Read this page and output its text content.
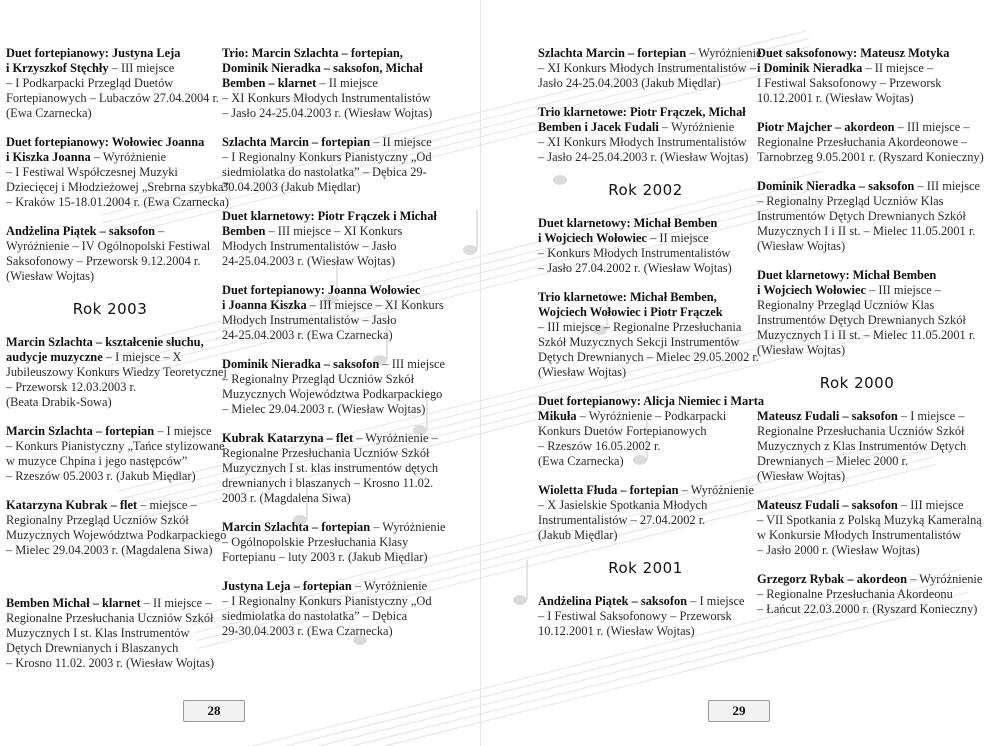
28	29
Duet fortepianowy: Justyna Leja
i Krzyszkof Stęchły – III miejsce
– I Podkarpacki Przegląd Duetów
Fortepianowych – Lubaczów 27.04.2004 r.
(Ewa Czarnecka)
Duet fortepianowy: Wołowiec Joanna
i Kiszka Joanna – Wyróżnienie
– I Festiwal Współczesnej Muzyki
Dziecięcej i Młodzieżowej „Srebrna szybka”
– Kraków 15-18.01.2004 r. (Ewa Czarnecka)
Andżelina Piątek – saksofon –
Wyróżnienie – IV Ogólnopolski Festiwal
Saksofonowy – Przeworsk 9.12.2004 r.
(Wiesław Wojtas)
Rok 2003
Marcin Szlachta – kształcenie słuchu,
audycje muzyczne – I miejsce – X
Jubileuszowy Konkurs Wiedzy Teoretycznej
– Przeworsk 12.03.2003 r.
(Beata Drabik-Sowa)
Marcin Szlachta – fortepian – I miejsce
– Konkurs Pianistyczny „Tańce stylizowane
w muzyce Chpina i jego następców”
– Rzeszów 05.2003 r. (Jakub Międlar)
Katarzyna Kubrak – flet – miejsce –
Regionalny Przegląd Uczniów Szkół
Muzycznych Województwa Podkarpackiego
– Mielec 29.04.2003 r. (Magdalena Siwa)
Bemben Michał – klarnet – II miejsce –
Regionalne Przesłuchania Uczniów Szkół
Muzycznych I st. Klas Instrumentów
Dętych Drewnianych i Blaszanych
– Krosno 11.02. 2003 r. (Wiesław Wojtas)
Trio: Marcin Szlachta – fortepian,
Dominik Nieradka – saksofon, Michał
Bemben – klarnet – II miejsce
– XI Konkurs Młodych Instrumentalistów
– Jasło 24-25.04.2003 r. (Wiesław Wojtas)
Szlachta Marcin – fortepian – II miejsce
– I Regionalny Konkurs Pianistyczny „Od
siedmiolatka do nastolatka” – Dębica 29-
30.04.2003 (Jakub Międlar)
Duet klarnetowy: Piotr Frączek i Michał
Bemben – III miejsce – XI Konkurs
Młodych Instrumentalistów – Jasło
24-25.04.2003 r. (Wiesław Wojtas)
Duet fortepianowy: Joanna Wołowiec
i Joanna Kiszka – III miejsce – XI Konkurs
Młodych Instrumentalistów – Jasło
24-25.04.2003 r. (Ewa Czarnecka)
Dominik Nieradka – saksofon – III miejsce
– Regionalny Przegląd Uczniów Szkół
Muzycznych Województwa Podkarpackiego
– Mielec 29.04.2003 r. (Wiesław Wojtas)
Kubrak Katarzyna – flet – Wyróżnienie –
Regionalne Przesłuchania Uczniów Szkół
Muzycznych I st. klas instrumentów dętych
drewnianych i blaszanych – Krosno 11.02.
2003 r. (Magdalena Siwa)
Marcin Szlachta – fortepian – Wyróżnienie
– Ogólnopolskie Przesłuchania Klasy
Fortepianu – luty 2003 r. (Jakub Międlar)
Justyna Leja – fortepian – Wyróżnienie
– I Regionalny Konkurs Pianistyczny „Od
siedmiolatka do nastolatka” – Dębica
29-30.04.2003 r. (Ewa Czarnecka)
Szlachta Marcin – fortepian – Wyróżnienie
– XI Konkurs Młodych Instrumentalistów –
Jasło 24-25.04.2003 (Jakub Międlar)
Trio klarnetowe: Piotr Frączek, Michał
Bemben i Jacek Fudali – Wyróżnienie
– XI Konkurs Młodych Instrumentalistów
– Jasło 24-25.04.2003 r. (Wiesław Wojtas)
Rok 2002
Duet klarnetowy: Michał Bemben
i Wojciech Wołowiec – II miejsce
– Konkurs Młodych Instrumentalistów
– Jasło 27.04.2002 r. (Wiesław Wojtas)
Trio klarnetowe: Michał Bemben,
Wojciech Wołowiec i Piotr Frączek
– III miejsce – Regionalne Przesłuchania
Szkół Muzycznych Sekcji Instrumentów
Dętych Drewnianych – Mielec 29.05.2002 r.
(Wiesław Wojtas)
Duet fortepianowy: Alicja Niemiec i Marta
Mikuła – Wyróżnienie – Podkarpacki
Konkurs Duetów Fortepianowych
– Rzeszów 16.05.2002 r.
(Ewa Czarnecka)
Wioletta Fłuda – fortepian – Wyróżnienie
– X Jasielskie Spotkania Młodych
Instrumentalistów – 27.04.2002 r.
(Jakub Międlar)
Rok 2001
Andżelina Piątek – saksofon – I miejsce
– I Festiwal Saksofonowy – Przeworsk
10.12.2001 r. (Wiesław Wojtas)
Duet saksofonowy: Mateusz Motyka
i Dominik Nieradka – II miejsce –
I Festiwal Saksofonowy – Przeworsk
10.12.2001 r. (Wiesław Wojtas)
Piotr Majcher – akordeon – III miejsce –
Regionalne Przesłuchania Akordeonowe –
Tarnobrzeg 9.05.2001 r. (Ryszard Konieczny)
Dominik Nieradka – saksofon – III miejsce
– Regionalny Przegląd Uczniów Klas
Instrumentów Dętych Drewnianych Szkół
Muzycznych I i II st. – Mielec 11.05.2001 r.
(Wiesław Wojtas)
Duet klarnetowy: Michał Bemben
i Wojciech Wołowiec – III miejsce –
Regionalny Przegląd Uczniów Klas
Instrumentów Dętych Drewnianych Szkół
Muzycznych I i II st. – Mielec 11.05.2001 r.
(Wiesław Wojtas)
Rok 2000
Mateusz Fudali – saksofon – I miejsce –
Regionalne Przesłuchania Uczniów Szkół
Muzycznych z Klas Instrumentów Dętych
Drewnianych – Mielec 2000 r.
(Wiesław Wojtas)
Mateusz Fudali – saksofon – III miejsce
– VII Spotkania z Polską Muzyką Kameralną
w Konkursie Młodych Instrumentalistów
– Jasło 2000 r. (Wiesław Wojtas)
Grzegorz Rybak – akordeon – Wyróżnienie
– Regionalne Przesłuchania Akordeonu
– Łańcut 22.03.2000 r. (Ryszard Konieczny)
